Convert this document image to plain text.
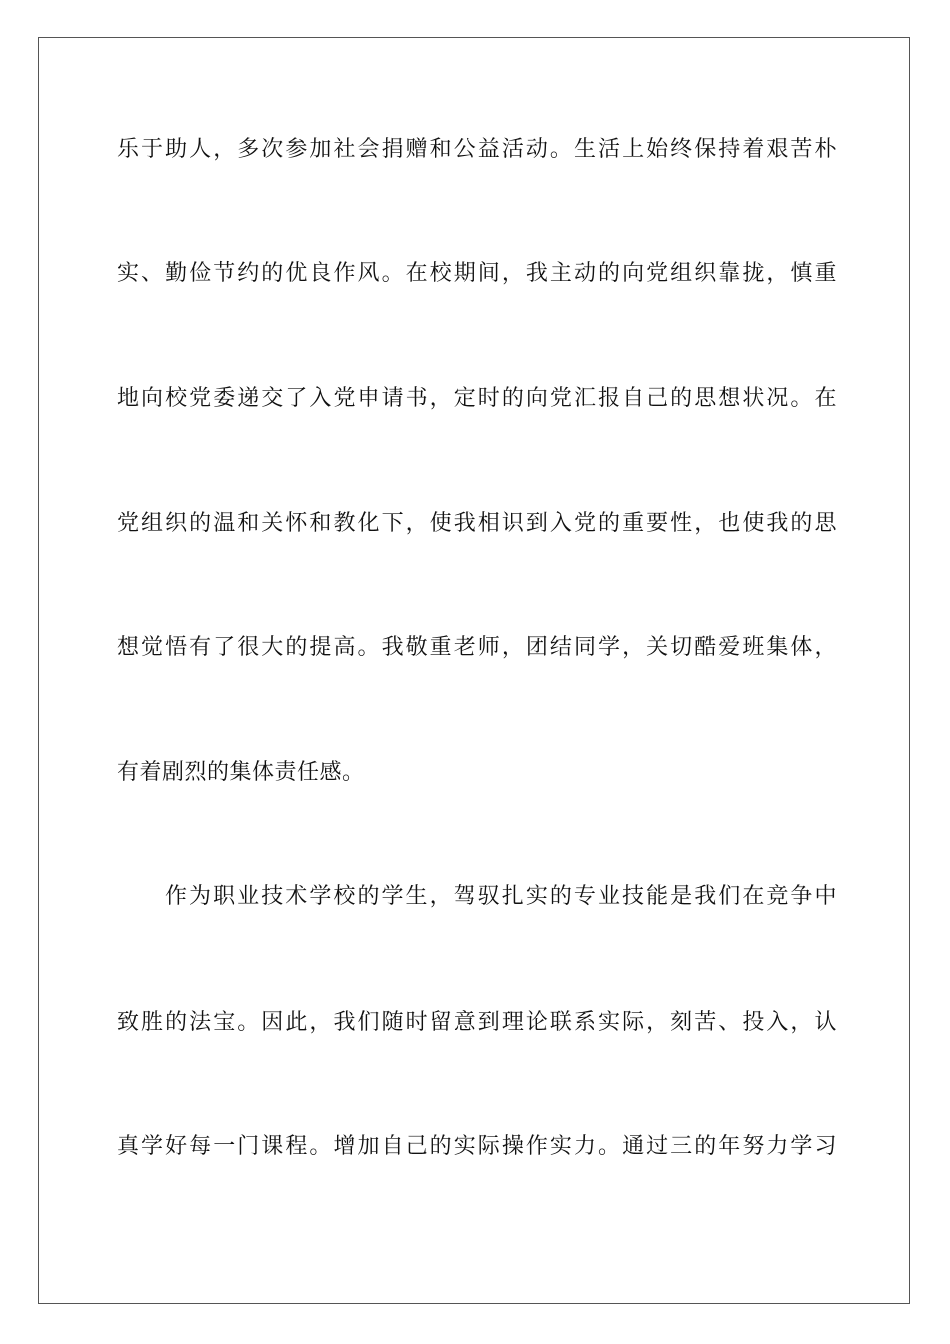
乐于助人，多次参加社会捐赠和公益活动。生活上始终保持着艰苦朴
实、勤俭节约的优良作风。在校期间，我主动的向党组织靠拢，慎重
地向校党委递交了入党申请书，定时的向党汇报自己的思想状况。在
党组织的温和关怀和教化下，使我相识到入党的重要性，也使我的思
想觉悟有了很大的提高。我敬重老师，团结同学，关切酷爱班集体，
有着剧烈的集体责任感。
作为职业技术学校的学生，驾驭扎实的专业技能是我们在竞争中
致胜的法宝。因此，我们随时留意到理论联系实际，刻苦、投入，认
真学好每一门课程。增加自己的实际操作实力。通过三的年努力学习
